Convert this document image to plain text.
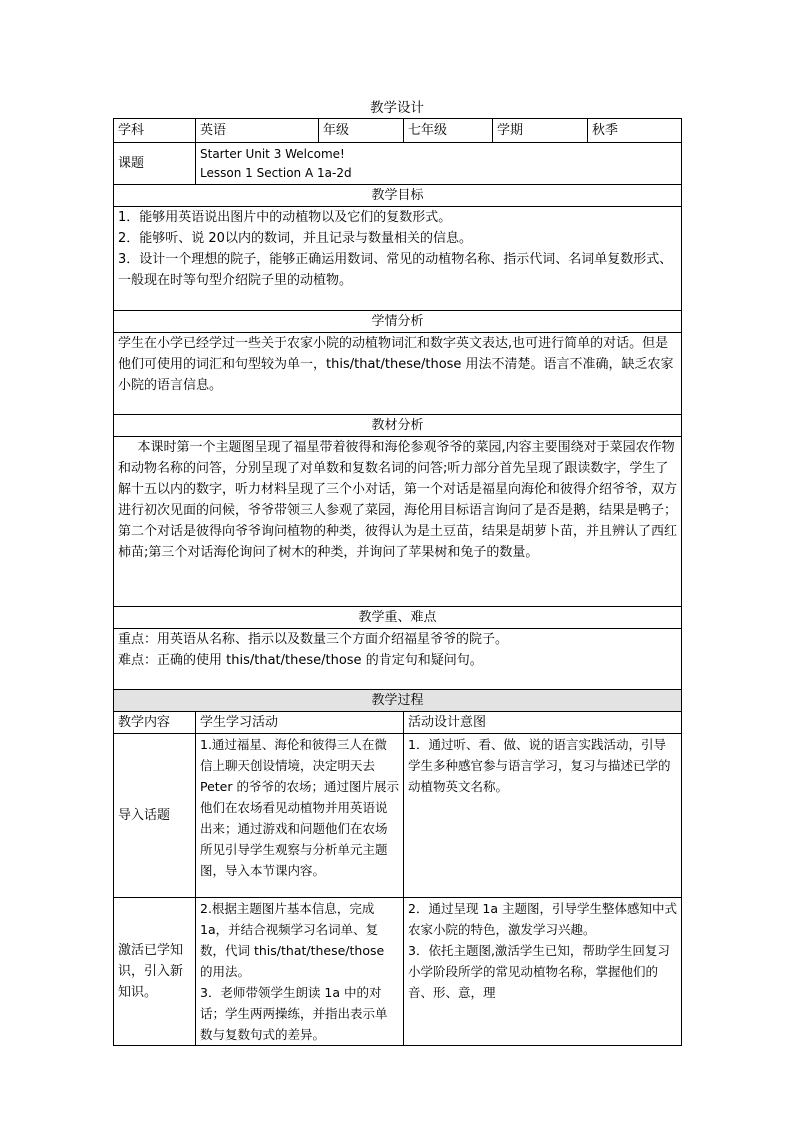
教学设计
学科	英语	年级	七年级	学期	秋季
课题	Starter Unit 3 Welcome!
Lesson 1 Section A 1a-2d				

教学目标					

1．能够用英语说出图片中的动植物以及它们的复数形式。
2．能够听、说 20以内的数词，并且记录与数量相关的信息。
3．设计一个理想的院子，能够正确运用数词、常见的动植物名称、指示代词、名词单复数形式、一般现在时等句型介绍院子里的动植物。					

学情分析					
学生在小学已经学过一些关于农家小院的动植物词汇和数字英文表达,也可进行简单的对话。但是他们可使用的词汇和句型较为单一，this/that/these/those 用法不清楚。语言不准确，缺乏农家小院的语言信息。					
教材分析					
本课时第一个主题图呈现了福星带着彼得和海伦参观爷爷的菜园,内容主要围绕对于菜园农作物和动物名称的问答，分别呈现了对单数和复数名词的问答;听力部分首先呈现了跟读数字，学生了解十五以内的数字，听力材料呈现了三个小对话，第一个对话是福星向海伦和彼得介绍爷爷，双方进行初次见面的问候，爷爷带领三人参观了菜园，海伦用目标语言询问了是否是鹅，结果是鸭子；第二个对话是彼得向爷爷询问植物的种类，彼得认为是土豆苗，结果是胡萝卜苗，并且辨认了西红柿苗;第三个对话海伦询问了树木的种类，并询问了苹果树和兔子的数量。					
教学重、难点					

重点：用英语从名称、指示以及数量三个方面介绍福星爷爷的院子。
难点：正确的使用 this/that/these/those 的肯定句和疑问句。					

教学过程					
教学内容	学生学习活动		活动设计意图		
导入话题	1.通过福星、海伦和彼得三人在微信上聊天创设情境，决定明天去 Peter 的爷爷的农场；通过图片展示他们在农场看见动植物并用英语说出来；通过游戏和问题他们在农场所见引导学生观察与分析单元主题图，导入本节课内容。		1．通过听、看、做、说的语言实践活动，引导学生多种感官参与语言学习，复习与描述已学的动植物英文名称。		
激活已学知识，引入新知识。	2.根据主题图片基本信息，完成 1a，并结合视频学习名词单、复数，代词 this/that/these/those 的用法。
3．老师带领学生朗读 1a 中的对话；学生两两操练，并指出表示单数与复数句式的差异。		2．通过呈现 1a 主题图，引导学生整体感知中式农家小院的特色，激发学习兴趣。
3．依托主题图,激活学生已知，帮助学生回复习小学阶段所学的常见动植物名称，掌握他们的音、形、意，理		
